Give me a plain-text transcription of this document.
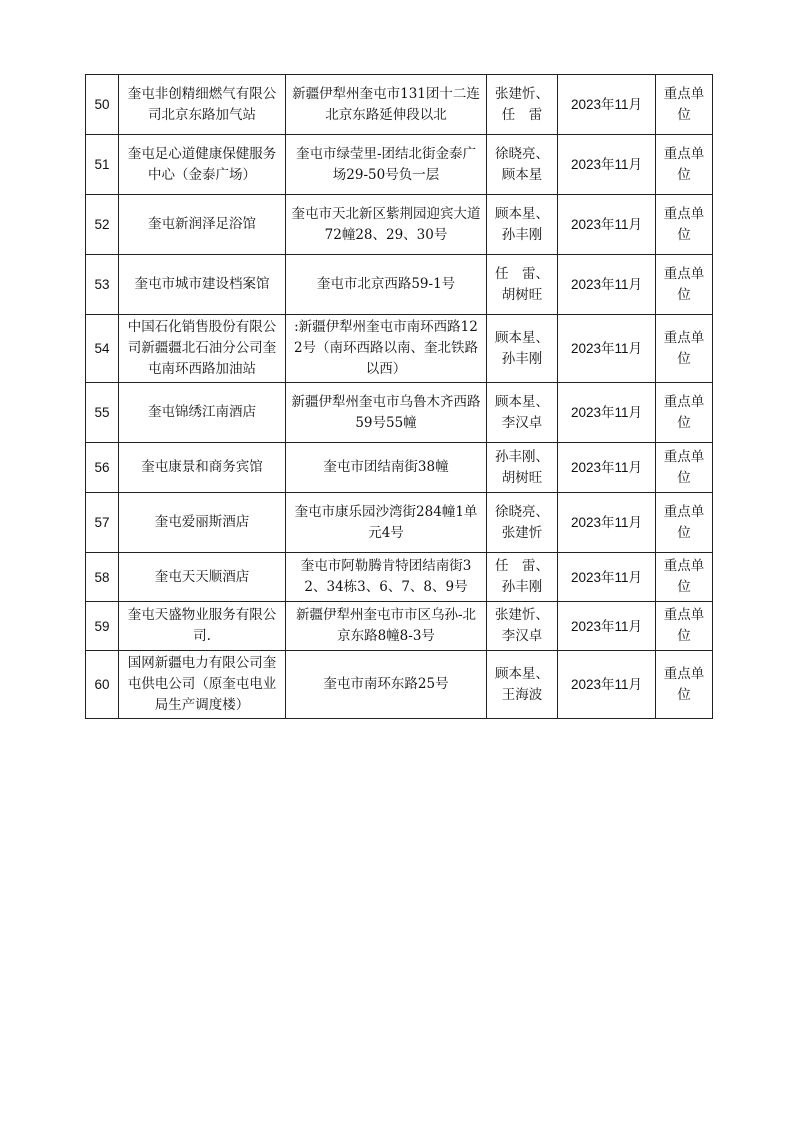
50	奎屯非创精细燃气有限公司北京东路加气站	新疆伊犁州奎屯市131团十二连北京东路延伸段以北	张建忻、任　雷	2023年11月	重点单位
51	奎屯足心道健康保健服务中心（金泰广场）	奎屯市绿莹里-团结北街金泰广场29-50号负一层	徐晓亮、顾本星	2023年11月	重点单位
52	奎屯新润泽足浴馆	奎屯市天北新区紫荆园迎宾大道72幢28、29、30号	顾本星、孙丰刚	2023年11月	重点单位
53	奎屯市城市建设档案馆	奎屯市北京西路59-1号	任　雷、胡树旺	2023年11月	重点单位
54	中国石化销售股份有限公司新疆疆北石油分公司奎屯南环西路加油站	:新疆伊犁州奎屯市南环西路122号（南环西路以南、奎北铁路以西）	顾本星、孙丰刚	2023年11月	重点单位
55	奎屯锦绣江南酒店	新疆伊犁州奎屯市乌鲁木齐西路59号55幢	顾本星、李汉卓	2023年11月	重点单位
56	奎屯康景和商务宾馆	奎屯市团结南街38幢	孙丰刚、胡树旺	2023年11月	重点单位
57	奎屯爱丽斯酒店	奎屯市康乐园沙湾街284幢1单元4号	徐晓亮、张建忻	2023年11月	重点单位
58	奎屯天天顺酒店	奎屯市阿勒腾肯特团结南街32、34栋3、6、7、8、9号	任　雷、孙丰刚	2023年11月	重点单位
59	奎屯天盛物业服务有限公司.	新疆伊犁州奎屯市市区乌孙-北京东路8幢8-3号	张建忻、李汉卓	2023年11月	重点单位
60	国网新疆电力有限公司奎屯供电公司（原奎屯电业局生产调度楼）	奎屯市南环东路25号	顾本星、王海波	2023年11月	重点单位
